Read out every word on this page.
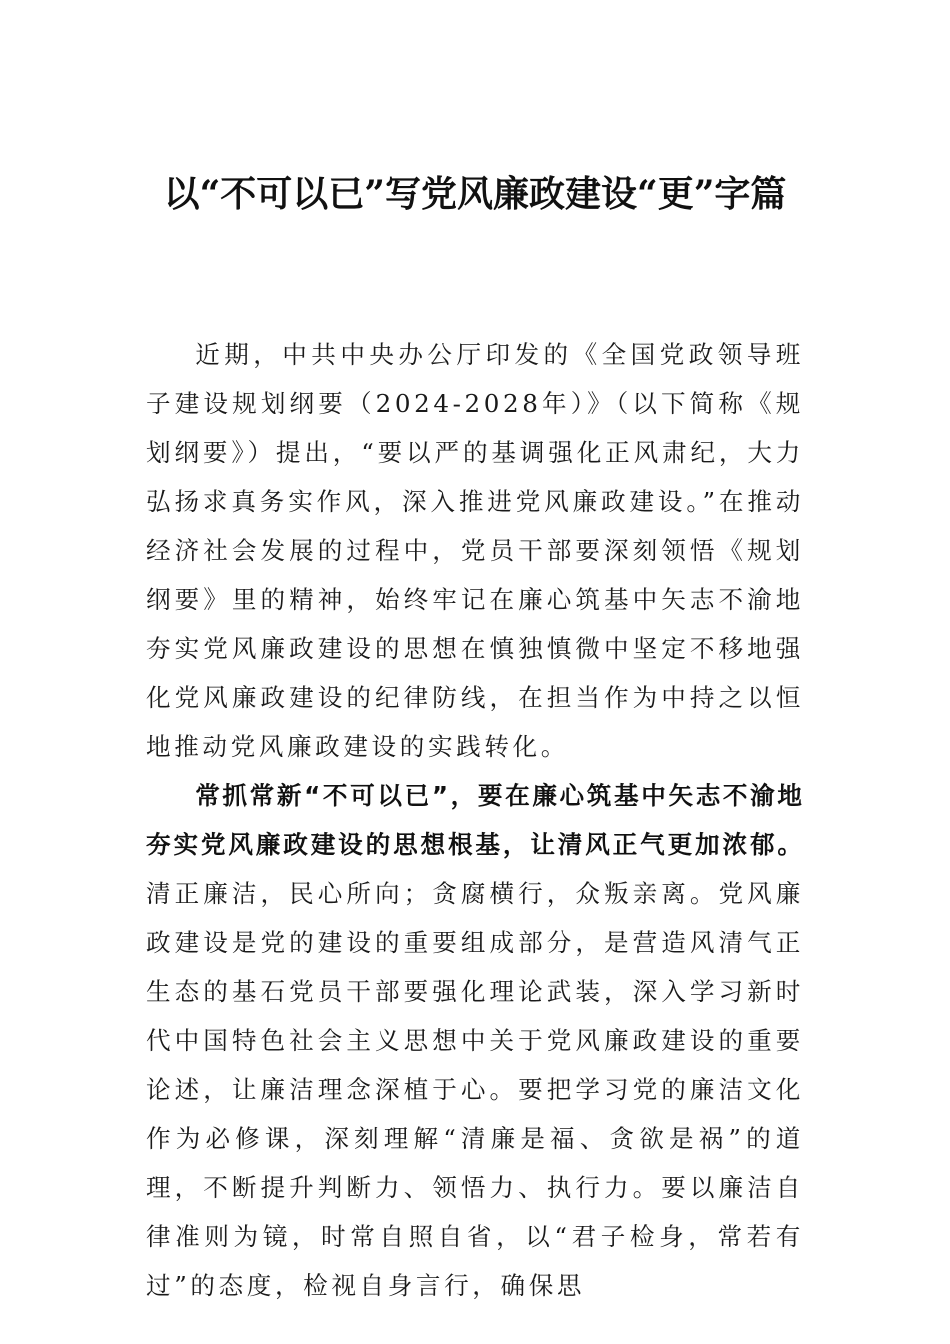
以“不可以已”写党风廉政建设“更”字篇

近期，中共中央办公厅印发的《全国党政领导班子建设规划纲要（2024-2028年）》（以下简称《规划纲要》）提出，“要以严的基调强化正风肃纪，大力弘扬求真务实作风，深入推进党风廉政建设。”在推动经济社会发展的过程中，党员干部要深刻领悟《规划纲要》里的精神，始终牢记在廉心筑基中矢志不渝地夯实党风廉政建设的思想在慎独慎微中坚定不移地强化党风廉政建设的纪律防线，在担当作为中持之以恒地推动党风廉政建设的实践转化。

常抓常新“不可以已”，要在廉心筑基中矢志不渝地夯实党风廉政建设的思想根基，让清风正气更加浓郁。清正廉洁，民心所向；贪腐横行，众叛亲离。党风廉政建设是党的建设的重要组成部分，是营造风清气正生态的基石党员干部要强化理论武装，深入学习新时代中国特色社会主义思想中关于党风廉政建设的重要论述，让廉洁理念深植于心。要把学习党的廉洁文化作为必修课，深刻理解“清廉是福、贪欲是祸”的道理，不断提升判断力、领悟力、执行力。要以廉洁自律准则为镜，时常自照自省，以“君子检身，常若有过”的态度，检视自身言行，确保思
